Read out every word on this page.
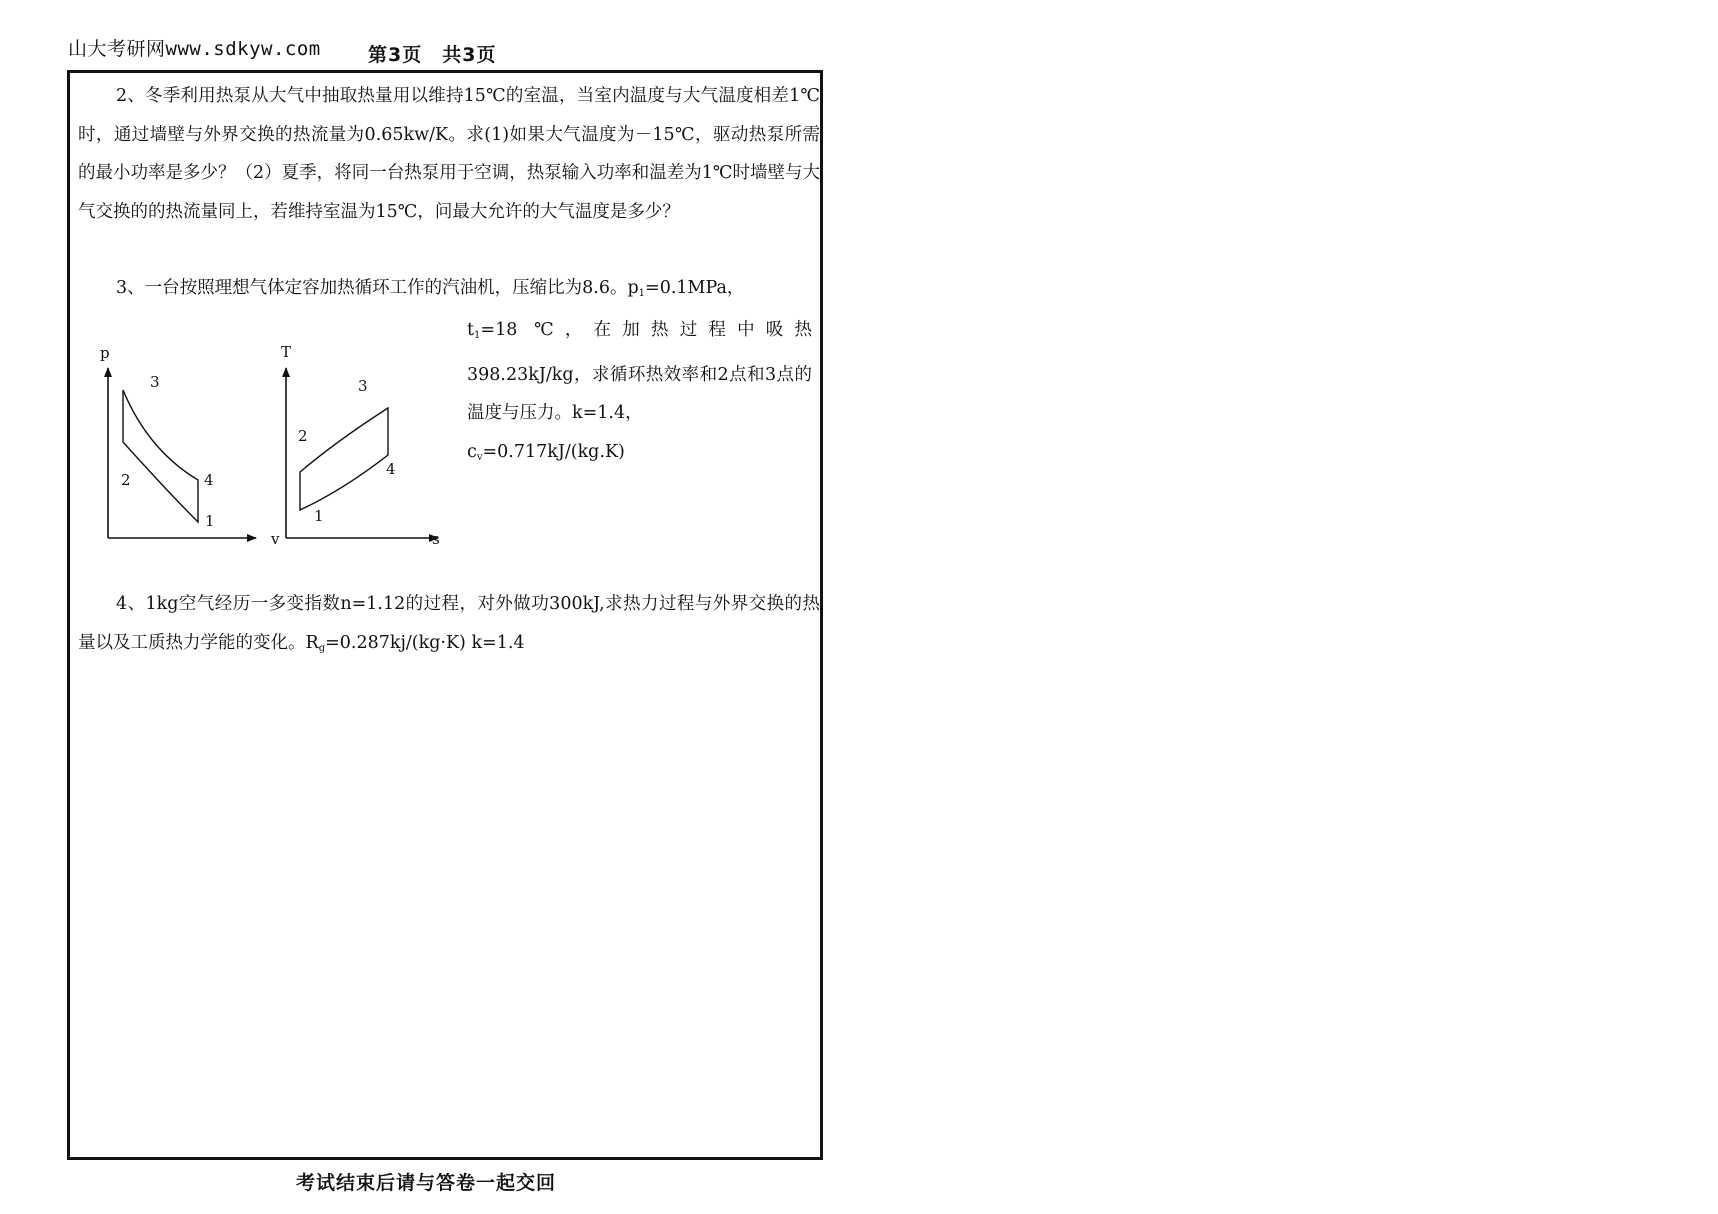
山大考研网www.sdkyw.com 第3页　共3页

2、冬季利用热泵从大气中抽取热量用以维持15℃的室温，当室内温度与大气温度相差1℃时，通过墙壁与外界交换的热流量为0.65kw/K。求(1)如果大气温度为－15℃，驱动热泵所需的最小功率是多少？（2）夏季，将同一台热泵用于空调，热泵输入功率和温差为1℃时墙壁与大气交换的的热流量同上，若维持室温为15℃，问最大允许的大气温度是多少？

3、一台按照理想气体定容加热循环工作的汽油机，压缩比为8.6。$p_1=0.1MPa$，

$t_1=18$ ℃，在加热过程中吸热398.23kJ/kg，求循环热效率和2点和3点的温度与压力。k=1.4，
$c_v=0.717kJ/(kg.K)$

p
v
1
2
3
4
T
s
1
2
3
4

4、1kg空气经历一多变指数n=1.12的过程，对外做功300kJ,求热力过程与外界交换的热量以及工质热力学能的变化。$R_g=0.287kj/(kg\cdot K)$ k=1.4

考试结束后请与答卷一起交回
